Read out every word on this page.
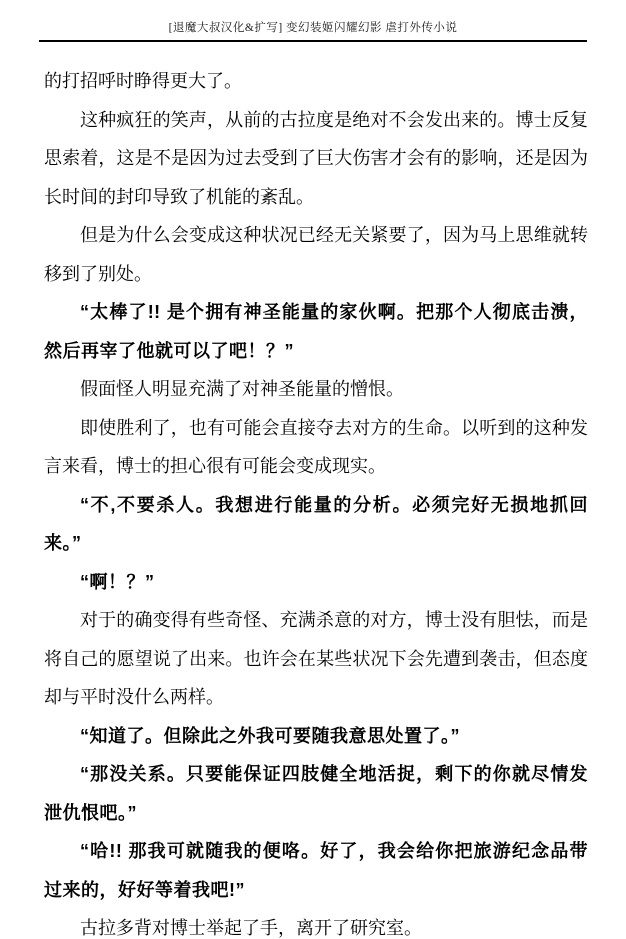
[退魔大叔汉化&扩写] 变幻装姬闪耀幻影 虐打外传小说

的打招呼时睁得更大了。

这种疯狂的笑声，从前的古拉度是绝对不会发出来的。博士反复思索着，这是不是因为过去受到了巨大伤害才会有的影响，还是因为长时间的封印导致了机能的紊乱。

但是为什么会变成这种状况已经无关紧要了，因为马上思维就转移到了别处。

“太棒了!! 是个拥有神圣能量的家伙啊。把那个人彻底击溃，然后再宰了他就可以了吧！？”

假面怪人明显充满了对神圣能量的憎恨。

即使胜利了，也有可能会直接夺去对方的生命。以听到的这种发言来看，博士的担心很有可能会变成现实。

“不,不要杀人。我想进行能量的分析。必须完好无损地抓回来。”

“啊！？”

对于的确变得有些奇怪、充满杀意的对方，博士没有胆怯，而是将自己的愿望说了出来。也许会在某些状况下会先遭到袭击，但态度却与平时没什么两样。

“知道了。但除此之外我可要随我意思处置了。”

“那没关系。只要能保证四肢健全地活捉，剩下的你就尽情发泄仇恨吧。”

“哈!! 那我可就随我的便咯。好了，我会给你把旅游纪念品带过来的，好好等着我吧!”

古拉多背对博士举起了手，离开了研究室。
